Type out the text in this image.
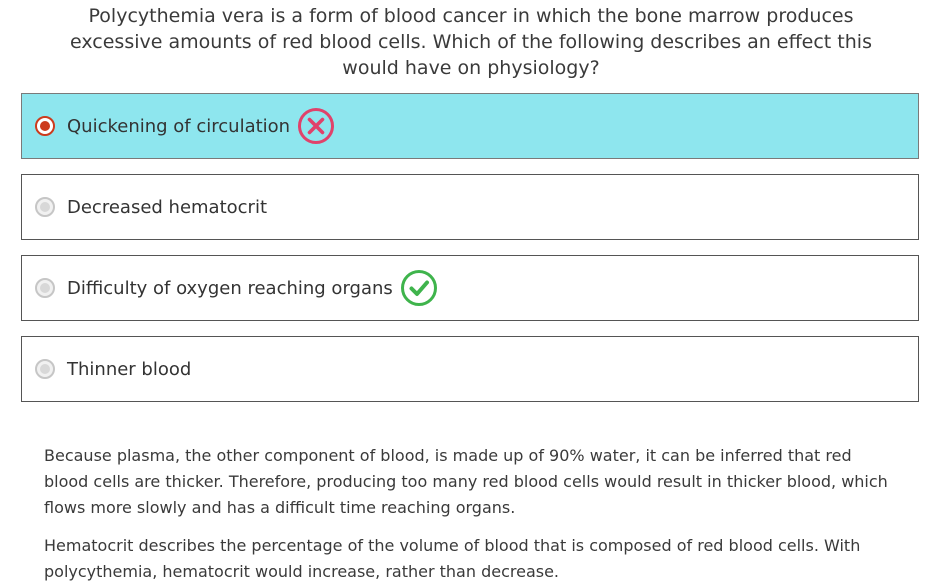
Polycythemia vera is a form of blood cancer in which the bone marrow produces excessive amounts of red blood cells. Which of the following describes an effect this would have on physiology?
Quickening of circulation
Decreased hematocrit
Difficulty of oxygen reaching organs
Thinner blood

Because plasma, the other component of blood, is made up of 90% water, it can be inferred that red blood cells are thicker. Therefore, producing too many red blood cells would result in thicker blood, which flows more slowly and has a difficult time reaching organs.

Hematocrit describes the percentage of the volume of blood that is composed of red blood cells. With polycythemia, hematocrit would increase, rather than decrease.
